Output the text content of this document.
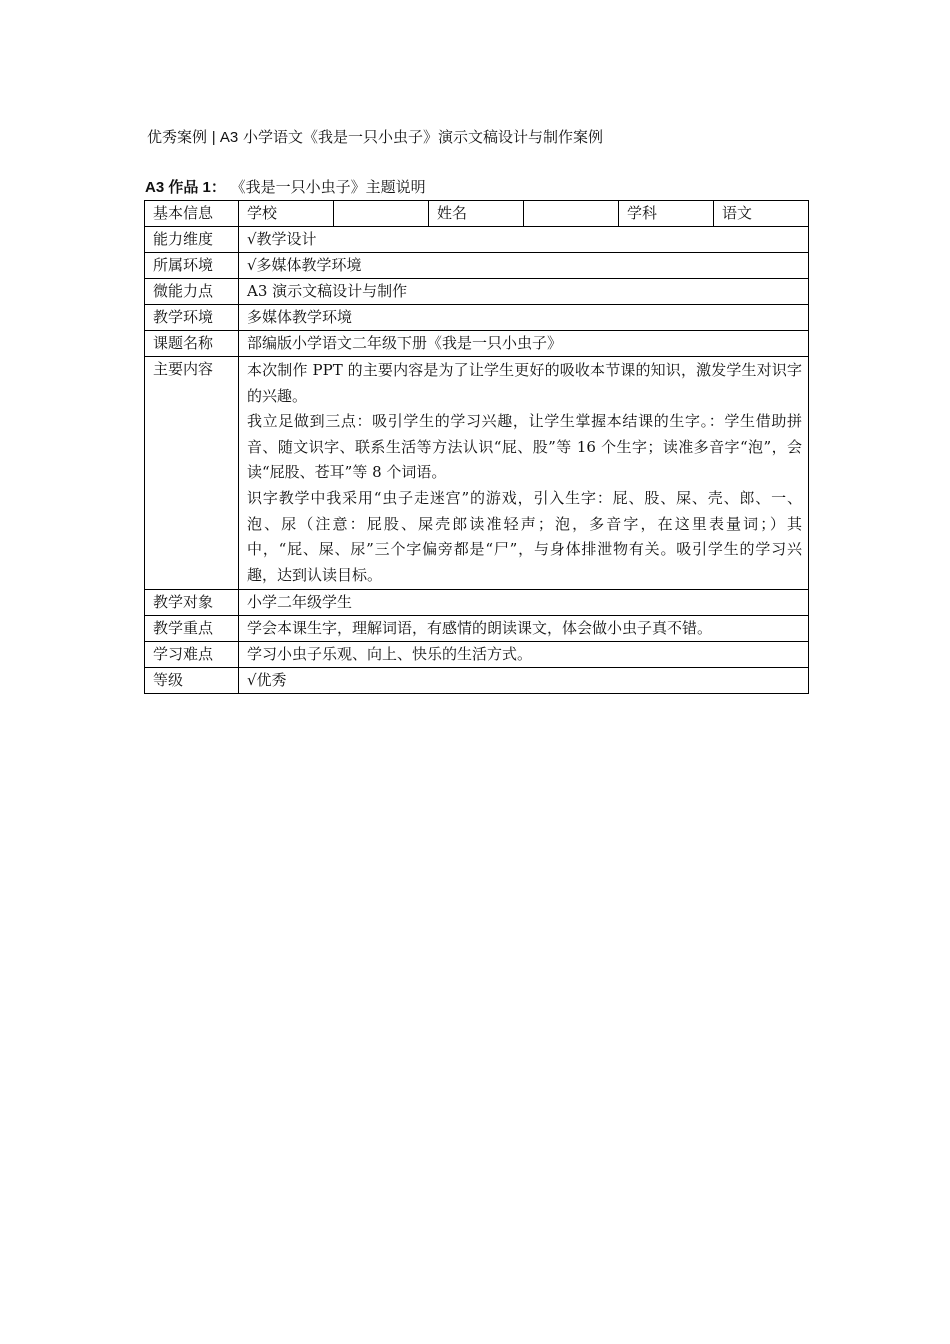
优秀案例 | A3 小学语文《我是一只小虫子》演示文稿设计与制作案例
A3 作品 1： 《我是一只小虫子》主题说明
基本信息	学校		姓名		学科	语文
能力维度	√教学设计					
所属环境	√多媒体教学环境					
微能力点	A3 演示文稿设计与制作					
教学环境	多媒体教学环境					
课题名称	部编版小学语文二年级下册《我是一只小虫子》					
主要内容	本次制作 PPT 的主要内容是为了让学生更好的吸收本节课的知识，激发学生对识字的兴趣。
我立足做到三点：吸引学生的学习兴趣，让学生掌握本结课的生字。：学生借助拼音、随文识字、联系生活等方法认识“屁、股”等 16 个生字；读准多音字“泡”，会读“屁股、苍耳”等 8 个词语。
识字教学中我采用“虫子走迷宫”的游戏，引入生字：屁、股、屎、壳、郎、一、泡、尿（注意：屁股、屎壳郎读准轻声；泡，多音字，在这里表量词；）其中，“屁、屎、尿”三个字偏旁都是“尸”，与身体排泄物有关。吸引学生的学习兴趣，达到认读目标。					

教学对象	小学二年级学生					
教学重点	学会本课生字，理解词语，有感情的朗读课文，体会做小虫子真不错。					
学习难点	学习小虫子乐观、向上、快乐的生活方式。					
等级	√优秀					
